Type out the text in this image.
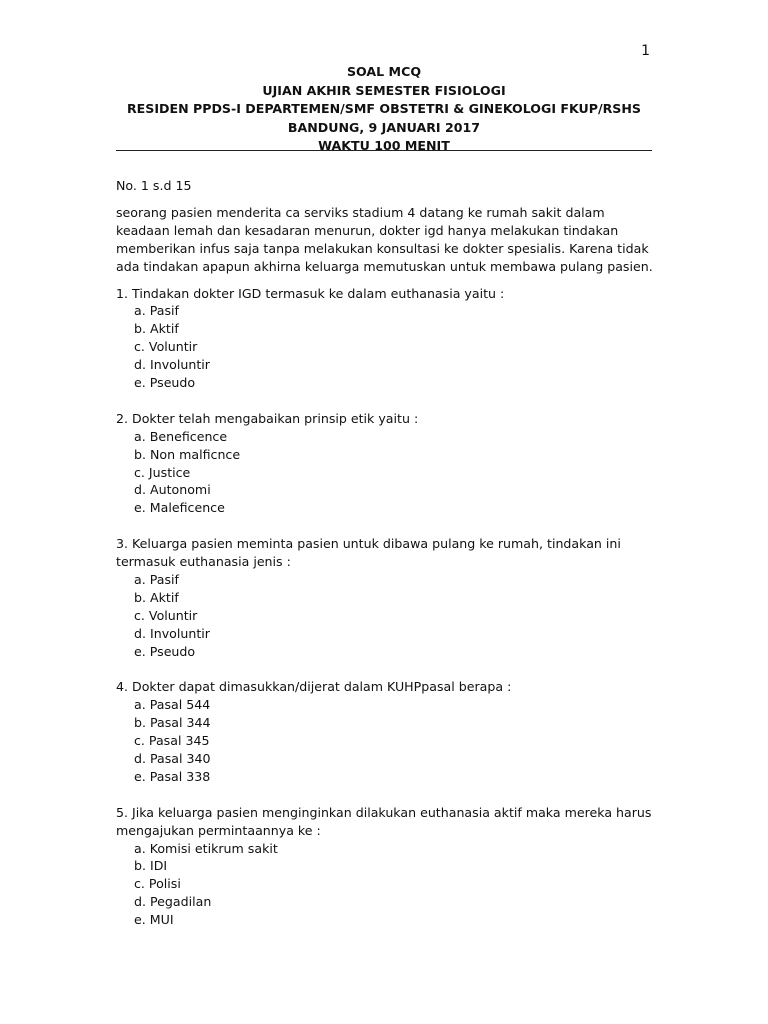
1
SOAL MCQ
UJIAN AKHIR SEMESTER FISIOLOGI
RESIDEN PPDS-I DEPARTEMEN/SMF OBSTETRI & GINEKOLOGI FKUP/RSHS
BANDUNG, 9 JANUARI 2017
WAKTU 100 MENIT

No. 1 s.d 15

seorang pasien menderita ca serviks stadium 4 datang ke rumah sakit dalam keadaan lemah dan kesadaran menurun, dokter igd hanya melakukan tindakan memberikan infus saja tanpa melakukan konsultasi ke dokter spesialis. Karena tidak ada tindakan apapun akhirna keluarga memutuskan untuk membawa pulang pasien.

1. Tindakan dokter IGD termasuk ke dalam euthanasia yaitu :

a. Pasif
b. Aktif
c. Voluntir
d. Involuntir
e. Pseudo

2. Dokter telah mengabaikan prinsip etik yaitu :

a. Beneficence
b. Non malficnce
c. Justice
d. Autonomi
e. Maleficence

3. Keluarga pasien meminta pasien untuk dibawa pulang ke rumah, tindakan ini termasuk euthanasia jenis :

a. Pasif
b. Aktif
c. Voluntir
d. Involuntir
e. Pseudo

4. Dokter dapat dimasukkan/dijerat dalam KUHPpasal berapa :

a. Pasal 544
b. Pasal 344
c. Pasal 345
d. Pasal 340
e. Pasal 338

5. Jika keluarga pasien menginginkan dilakukan euthanasia aktif maka mereka harus mengajukan permintaannya ke :

a. Komisi etikrum sakit
b. IDI
c. Polisi
d. Pegadilan
e. MUI
